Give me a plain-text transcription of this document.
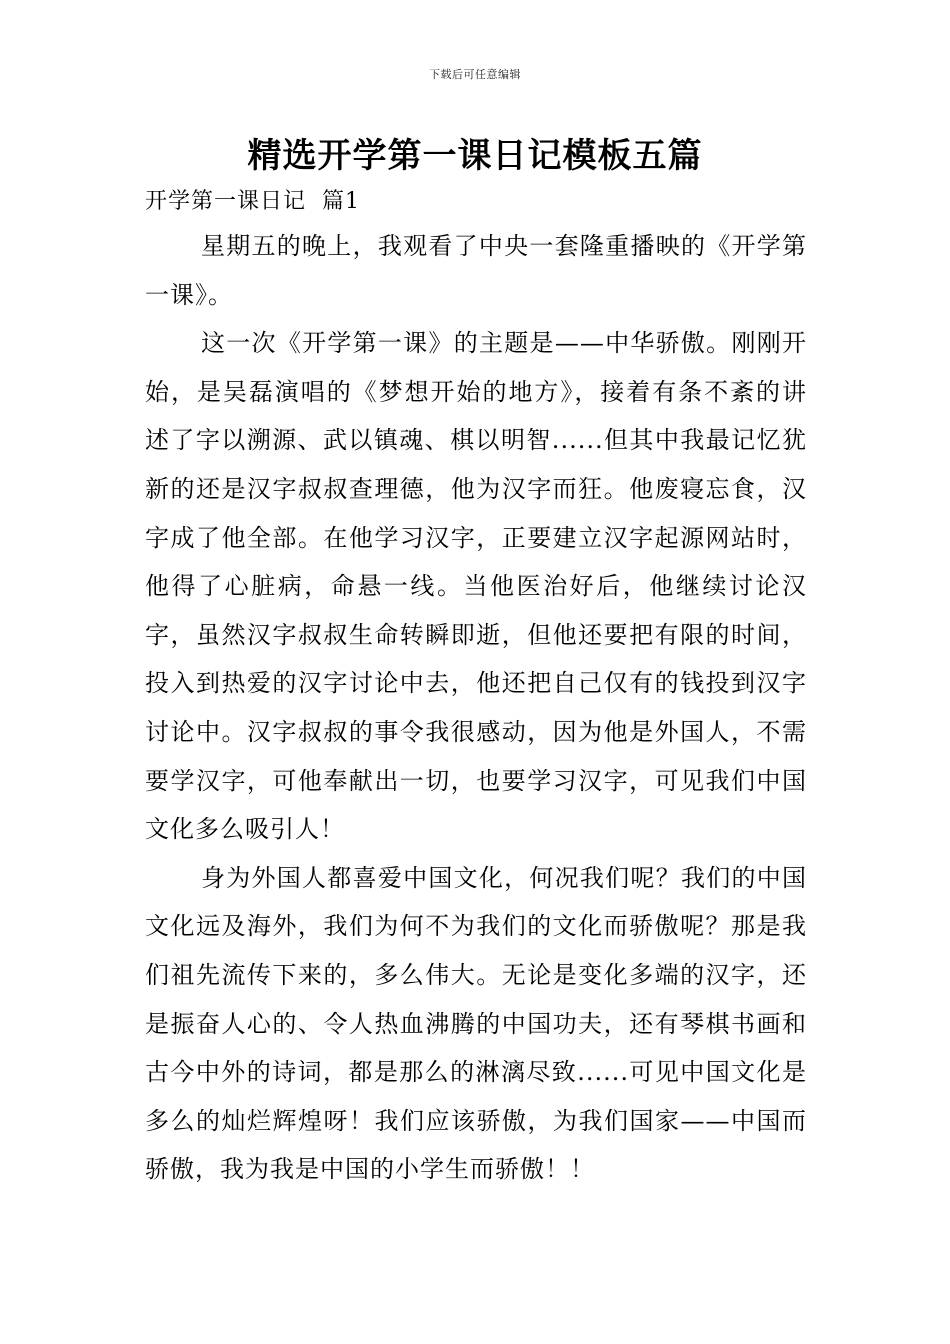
下载后可任意编辑
精选开学第一课日记模板五篇
开学第一课日记  篇1

星期五的晚上，我观看了中央一套隆重播映的《开学第一课》。

这一次《开学第一课》的主题是——中华骄傲。刚刚开始，是吴磊演唱的《梦想开始的地方》，接着有条不紊的讲述了字以溯源、武以镇魂、棋以明智......但其中我最记忆犹新的还是汉字叔叔查理德，他为汉字而狂。他废寝忘食，汉字成了他全部。在他学习汉字，正要建立汉字起源网站时，他得了心脏病，命悬一线。当他医治好后，他继续讨论汉字，虽然汉字叔叔生命转瞬即逝，但他还要把有限的时间，投入到热爱的汉字讨论中去，他还把自己仅有的钱投到汉字讨论中。汉字叔叔的事令我很感动，因为他是外国人，不需要学汉字，可他奉献出一切，也要学习汉字，可见我们中国文化多么吸引人！

身为外国人都喜爱中国文化，何况我们呢？我们的中国文化远及海外，我们为何不为我们的文化而骄傲呢？那是我们祖先流传下来的，多么伟大。无论是变化多端的汉字，还是振奋人心的、令人热血沸腾的中国功夫，还有琴棋书画和古今中外的诗词，都是那么的淋漓尽致......可见中国文化是多么的灿烂辉煌呀！我们应该骄傲，为我们国家——中国而骄傲，我为我是中国的小学生而骄傲！！
